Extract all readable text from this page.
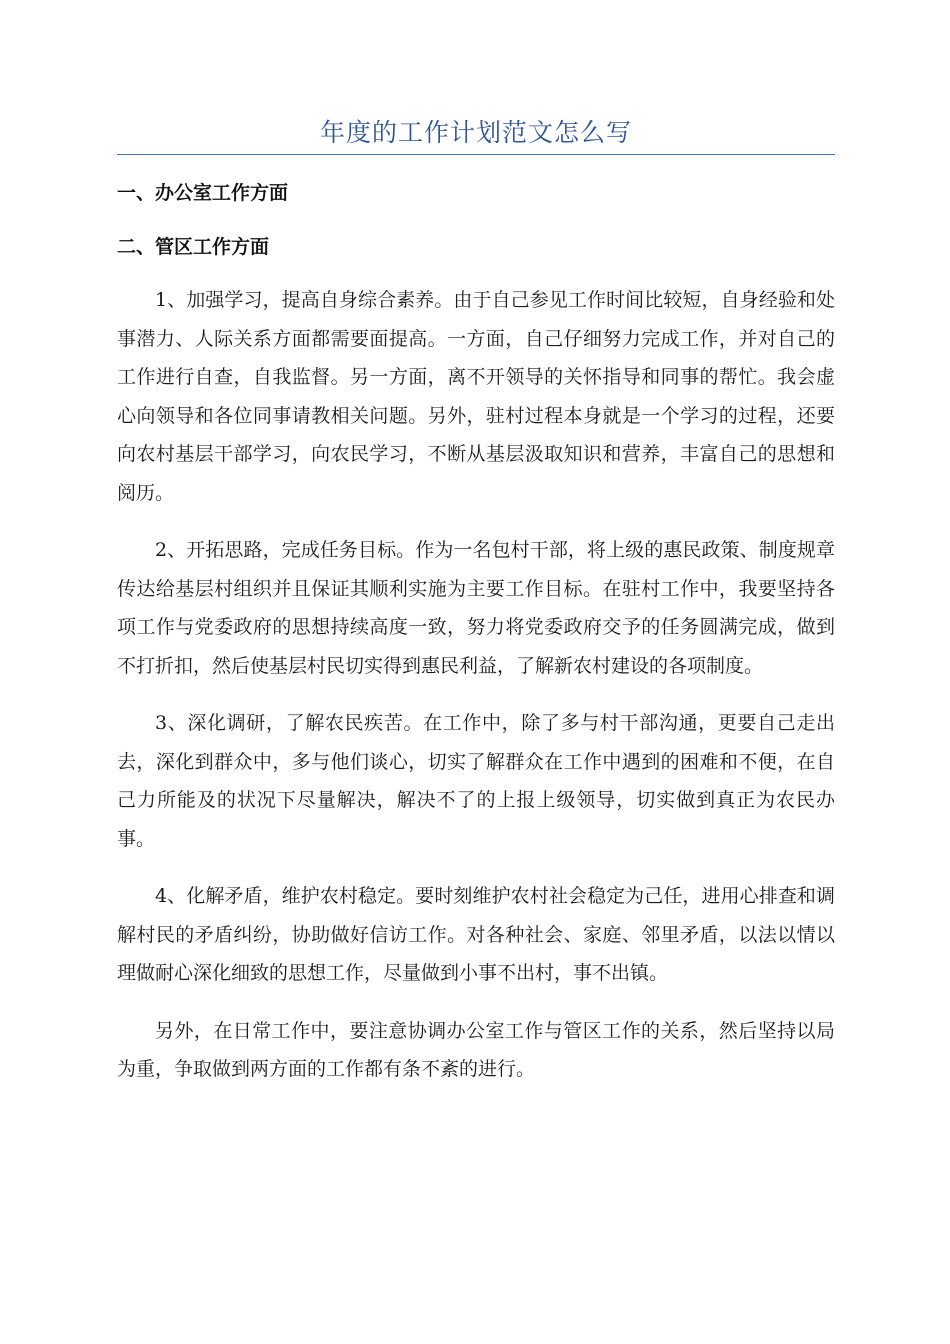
年度的工作计划范文怎么写
一、办公室工作方面
二、管区工作方面

1、加强学习，提高自身综合素养。由于自己参见工作时间比较短，自身经验和处事潜力、人际关系方面都需要面提高。一方面，自己仔细努力完成工作，并对自己的工作进行自查，自我监督。另一方面，离不开领导的关怀指导和同事的帮忙。我会虚心向领导和各位同事请教相关问题。另外，驻村过程本身就是一个学习的过程，还要向农村基层干部学习，向农民学习，不断从基层汲取知识和营养，丰富自己的思想和阅历。

2、开拓思路，完成任务目标。作为一名包村干部，将上级的惠民政策、制度规章传达给基层村组织并且保证其顺利实施为主要工作目标。在驻村工作中，我要坚持各项工作与党委政府的思想持续高度一致，努力将党委政府交予的任务圆满完成，做到不打折扣，然后使基层村民切实得到惠民利益，了解新农村建设的各项制度。

3、深化调研，了解农民疾苦。在工作中，除了多与村干部沟通，更要自己走出去，深化到群众中，多与他们谈心，切实了解群众在工作中遇到的困难和不便，在自己力所能及的状况下尽量解决，解决不了的上报上级领导，切实做到真正为农民办事。

4、化解矛盾，维护农村稳定。要时刻维护农村社会稳定为己任，进用心排查和调解村民的矛盾纠纷，协助做好信访工作。对各种社会、家庭、邻里矛盾，以法以情以理做耐心深化细致的思想工作，尽量做到小事不出村，事不出镇。

另外，在日常工作中，要注意协调办公室工作与管区工作的关系，然后坚持以局为重，争取做到两方面的工作都有条不紊的进行。
